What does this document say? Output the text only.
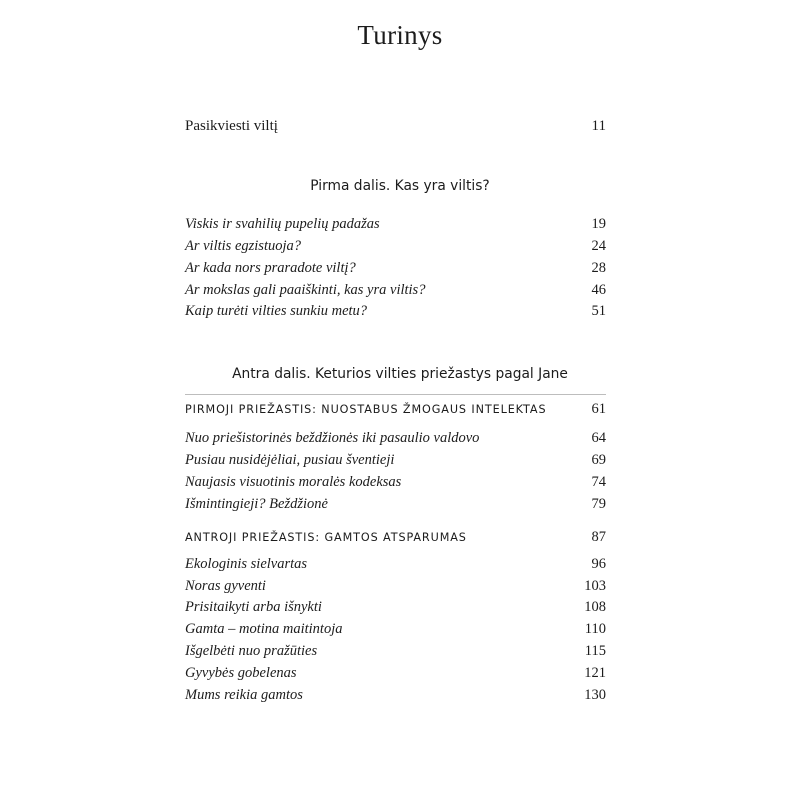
Turinys
Pasikviesti viltį	11
Pirma dalis. Kas yra viltis?
Viskis ir svahilių pupelių padažas	19
Ar viltis egzistuoja?	24
Ar kada nors praradote viltį?	28
Ar mokslas gali paaiškinti, kas yra viltis?	46
Kaip turėti vilties sunkiu metu?	51
Antra dalis. Keturios vilties priežastys pagal Jane
PIRMOJI PRIEŽASTIS: NUOSTABUS ŽMOGAUS INTELEKTAS	61
Nuo priešistorinės beždžionės iki pasaulio valdovo	64
Pusiau nusidėjėliai, pusiau šventieji	69
Naujasis visuotinis moralės kodeksas	74
Išmintingieji? Beždžionė	79
ANTROJI PRIEŽASTIS: GAMTOS ATSPARUMAS	87
Ekologinis sielvartas	96
Noras gyventi	103
Prisitaikyti arba išnykti	108
Gamta – motina maitintoja	110
Išgelbėti nuo pražūties	115
Gyvybės gobelenas	121
Mums reikia gamtos	130
